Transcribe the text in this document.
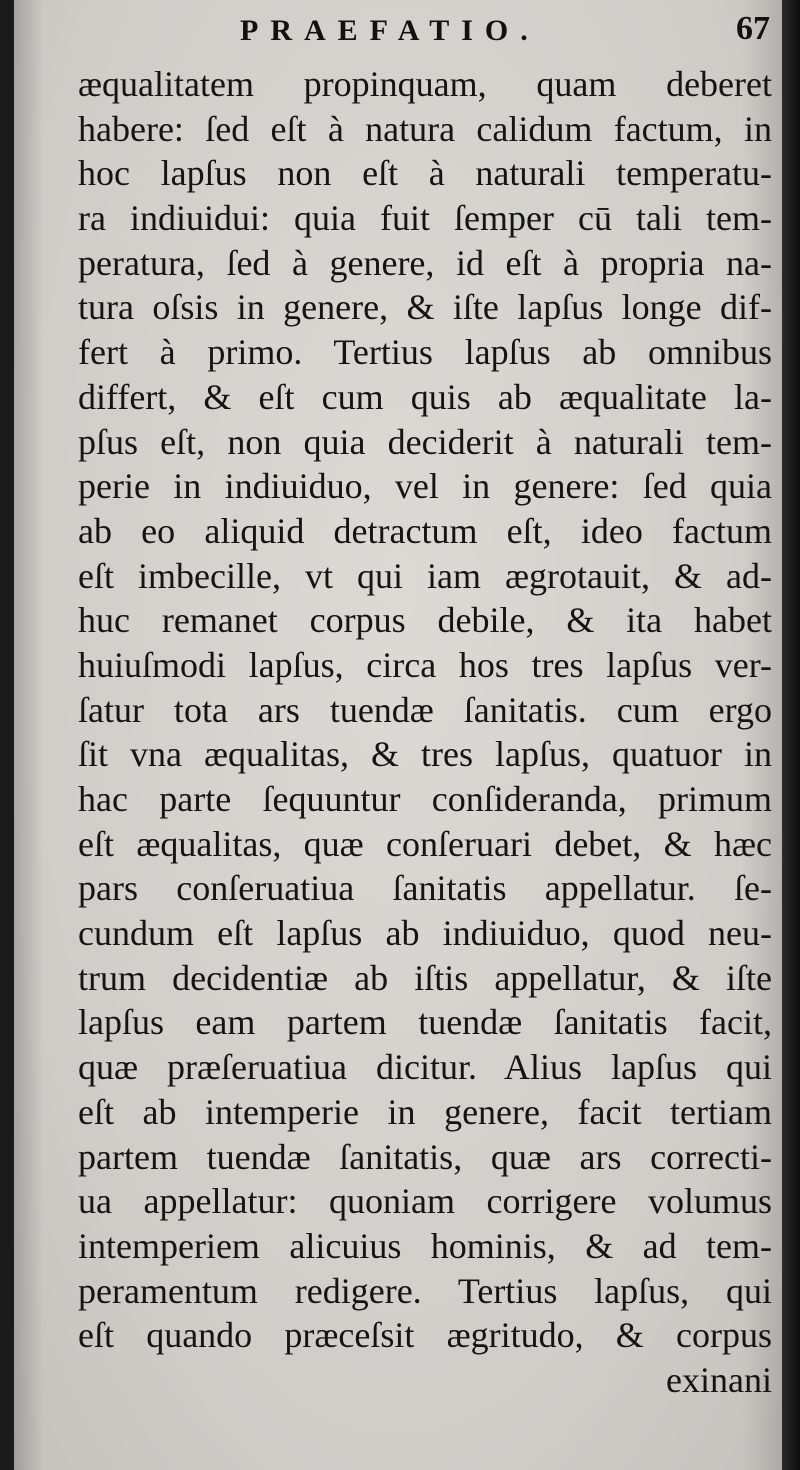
PRAEFATIO.	67
æqualitatem propinquam, quam deberet
habere: ſed eſt à natura calidum factum, in
hoc lapſus non eſt à naturali temperatu-
ra indiuidui: quia fuit ſemper cū tali tem-
peratura, ſed à genere, id eſt à propria na-
tura oſsis in genere, & iſte lapſus longe dif-
fert à primo. Tertius lapſus ab omnibus
differt, & eſt cum quis ab æqualitate la-
pſus eſt, non quia deciderit à naturali tem-
perie in indiuiduo, vel in genere: ſed quia
ab eo aliquid detractum eſt, ideo factum
eſt imbecille, vt qui iam ægrotauit, & ad-
huc remanet corpus debile, & ita habet
huiuſmodi lapſus, circa hos tres lapſus ver-
ſatur tota ars tuendæ ſanitatis. cum ergo
ſit vna æqualitas, & tres lapſus, quatuor in
hac parte ſequuntur conſideranda, primum
eſt æqualitas, quæ conſeruari debet, & hæc
pars conſeruatiua ſanitatis appellatur. ſe-
cundum eſt lapſus ab indiuiduo, quod neu-
trum decidentiæ ab iſtis appellatur, & iſte
lapſus eam partem tuendæ ſanitatis facit,
quæ præſeruatiua dicitur. Alius lapſus qui
eſt ab intemperie in genere, facit tertiam
partem tuendæ ſanitatis, quæ ars correcti-
ua appellatur: quoniam corrigere volumus
intemperiem alicuius hominis, & ad tem-
peramentum redigere. Tertius lapſus, qui
eſt quando præceſsit ægritudo, & corpus
exinani
